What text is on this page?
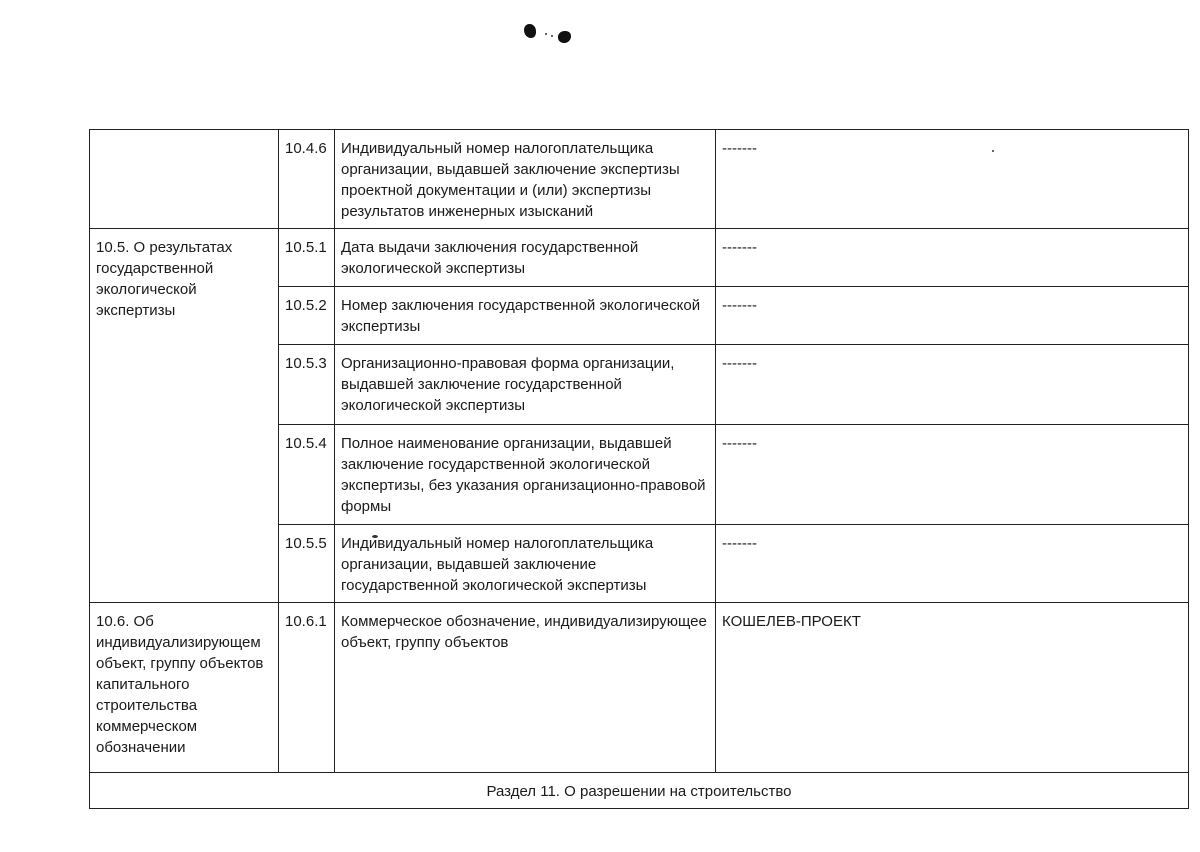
	10.4.6	Индивидуальный номер налогоплательщика организации, выдавшей заключение экспертизы проектной документации и (или) экспертизы результатов инженерных изысканий	-------
10.5. О результатах государственной экологической экспертизы	10.5.1	Дата выдачи заключения государственной экологической экспертизы	-------
	10.5.2	Номер заключения государственной экологической экспертизы	-------
	10.5.3	Организационно-правовая форма организации, выдавшей заключение государственной экологической экспертизы	-------
	10.5.4	Полное наименование организации, выдавшей заключение государственной экологической экспертизы, без указания организационно-правовой формы	-------
	10.5.5	Индивидуальный номер налогоплательщика организации, выдавшей заключение государственной экологической экспертизы	-------
10.6. Об индивидуализирующем объект, группу объектов капитального строительства коммерческом обозначении	10.6.1	Коммерческое обозначение, индивидуализирующее объект, группу объектов	КОШЕЛЕВ-ПРОЕКТ
Раздел 11. О разрешении на строительство			
